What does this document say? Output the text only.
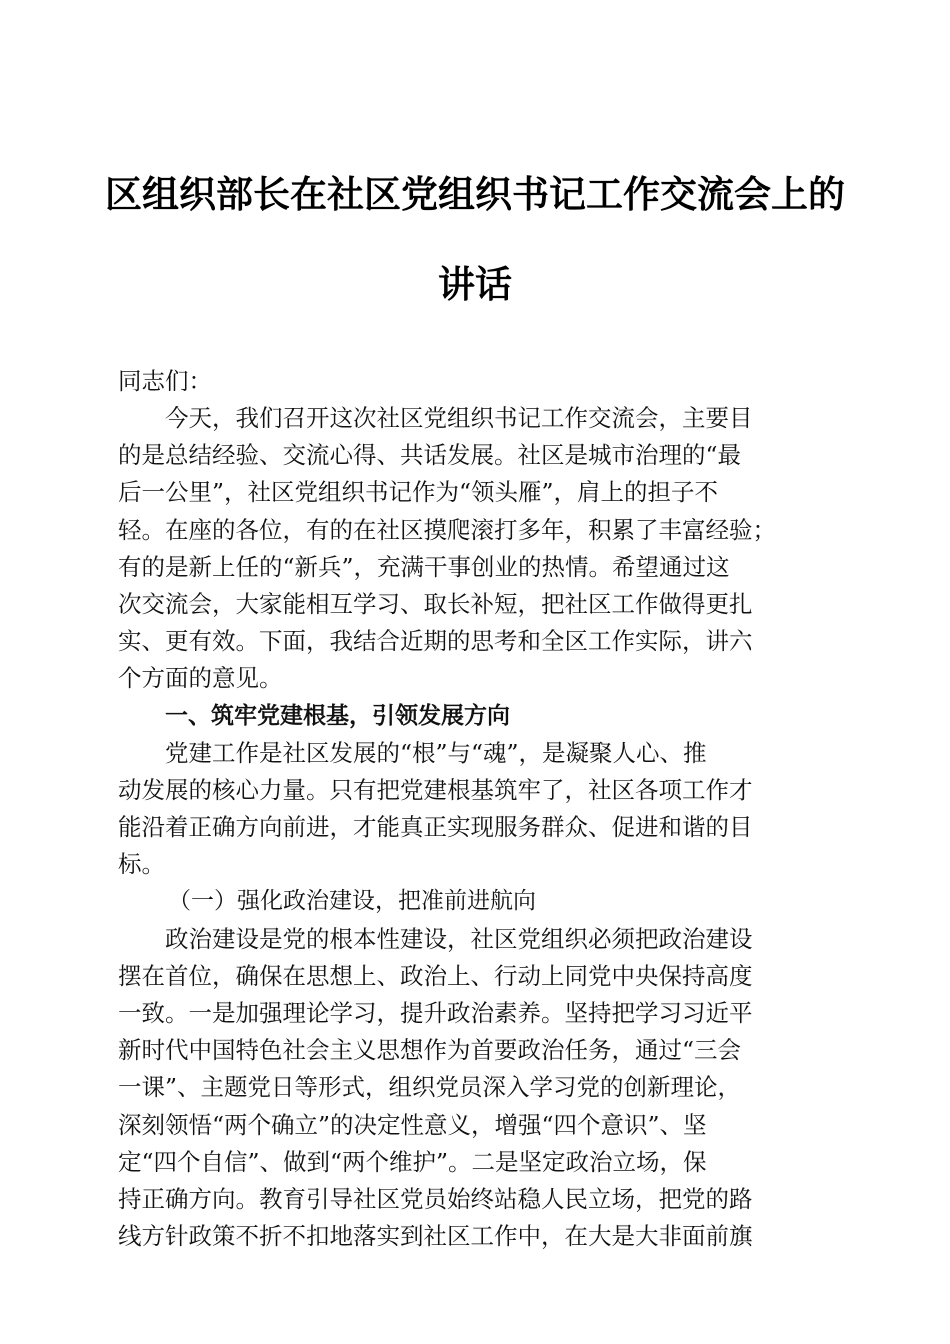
区组织部长在社区党组织书记工作交流会上的
讲话

同志们：

今天，我们召开这次社区党组织书记工作交流会，主要目
的是总结经验、交流心得、共话发展。社区是城市治理的“最
后一公里”，社区党组织书记作为“领头雁”，肩上的担子不
轻。在座的各位，有的在社区摸爬滚打多年，积累了丰富经验；
有的是新上任的“新兵”，充满干事创业的热情。希望通过这
次交流会，大家能相互学习、取长补短，把社区工作做得更扎
实、更有效。下面，我结合近期的思考和全区工作实际，讲六
个方面的意见。
一、筑牢党建根基，引领发展方向
党建工作是社区发展的“根”与“魂”，是凝聚人心、推
动发展的核心力量。只有把党建根基筑牢了，社区各项工作才
能沿着正确方向前进，才能真正实现服务群众、促进和谐的目
标。
（一）强化政治建设，把准前进航向
政治建设是党的根本性建设，社区党组织必须把政治建设
摆在首位，确保在思想上、政治上、行动上同党中央保持高度
一致。一是加强理论学习，提升政治素养。坚持把学习习近平
新时代中国特色社会主义思想作为首要政治任务，通过“三会
一课”、主题党日等形式，组织党员深入学习党的创新理论，
深刻领悟“两个确立”的决定性意义，增强“四个意识”、坚
定“四个自信”、做到“两个维护”。二是坚定政治立场，保
持正确方向。教育引导社区党员始终站稳人民立场，把党的路
线方针政策不折不扣地落实到社区工作中，在大是大非面前旗
